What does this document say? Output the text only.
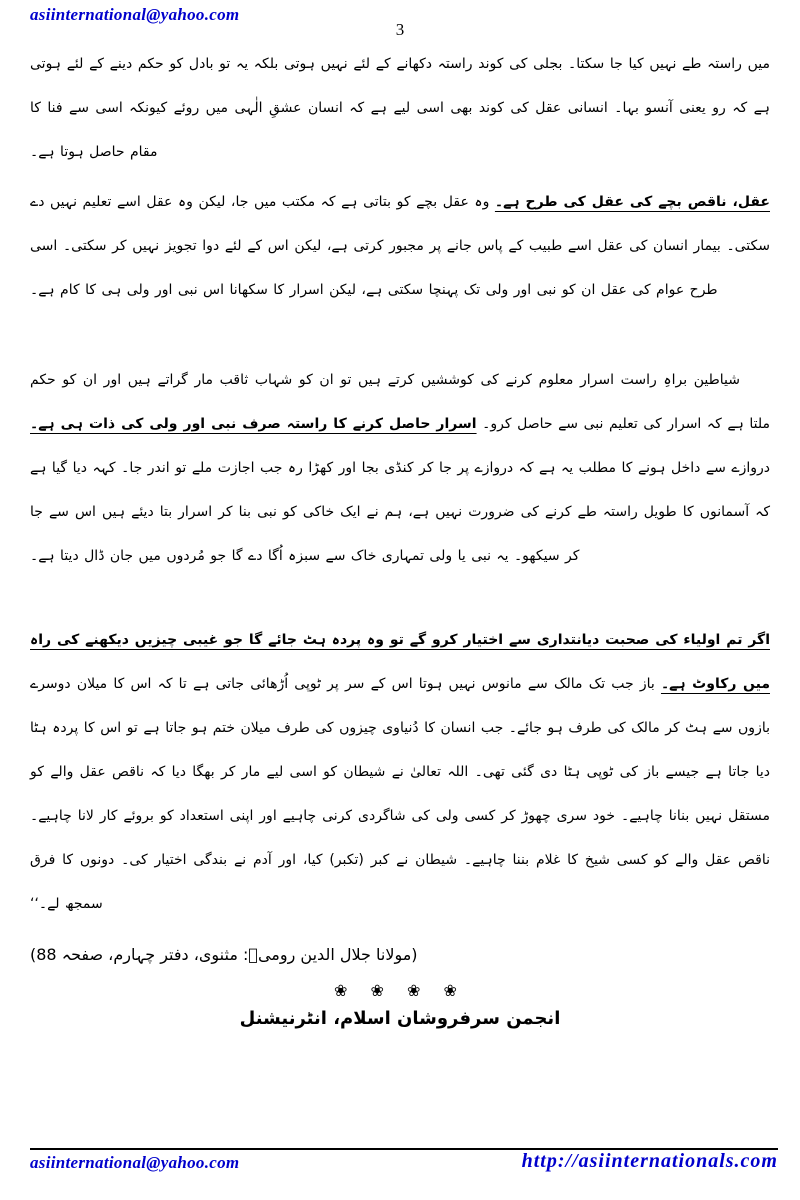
asiinternational@yahoo.com
3

میں راستہ طے نہیں کیا جا سکتا۔ بجلی کی کوند راستہ دکھانے کے لئے نہیں ہوتی بلکہ یہ تو بادل کو حکم دینے کے لئے ہوتی ہے کہ رو یعنی آنسو بہا۔ انسانی عقل کی کوند بھی اسی لیے ہے کہ انسان عشقِ الٰہی میں روئے کیونکہ اسی سے فنا کا مقام حاصل ہوتا ہے۔

عقل، ناقص بچے کی عقل کی طرح ہے۔ وہ عقل بچے کو بتاتی ہے کہ مکتب میں جا، لیکن وہ عقل اسے تعلیم نہیں دے سکتی۔ بیمار انسان کی عقل اسے طبیب کے پاس جانے پر مجبور کرتی ہے، لیکن اس کے لئے دوا تجویز نہیں کر سکتی۔ اسی طرح عوام کی عقل ان کو نبی اور ولی تک پہنچا سکتی ہے، لیکن اسرار کا سکھانا اس نبی اور ولی ہی کا کام ہے۔

شیاطین براہِ راست اسرار معلوم کرنے کی کوششیں کرتے ہیں تو ان کو شہاب ثاقب مار گراتے ہیں اور ان کو حکم ملتا ہے کہ اسرار کی تعلیم نبی سے حاصل کرو۔ اسرار حاصل کرنے کا راستہ صرف نبی اور ولی کی ذات ہی ہے۔ دروازے سے داخل ہونے کا مطلب یہ ہے کہ دروازے پر جا کر کنڈی بجا اور کھڑا رہ جب اجازت ملے تو اندر جا۔ کہہ دیا گیا ہے کہ آسمانوں کا طویل راستہ طے کرنے کی ضرورت نہیں ہے، ہم نے ایک خاکی کو نبی بنا کر اسرار بتا دیئے ہیں اس سے جا کر سیکھو۔ یہ نبی یا ولی تمہاری خاک سے سبزہ اُگا دے گا جو مُردوں میں جان ڈال دیتا ہے۔

اگر تم اولیاء کی صحبت دیانتداری سے اختیار کرو گے تو وہ پردہ ہٹ جائے گا جو غیبی چیزیں دیکھنے کی راہ میں رکاوٹ ہے۔ باز جب تک مالک سے مانوس نہیں ہوتا اس کے سر پر ٹوپی اُڑھائی جاتی ہے تا کہ اس کا میلان دوسرے بازوں سے ہٹ کر مالک کی طرف ہو جائے۔ جب انسان کا دُنیاوی چیزوں کی طرف میلان ختم ہو جاتا ہے تو اس کا پردہ ہٹا دیا جاتا ہے جیسے باز کی ٹوپی ہٹا دی گئی تھی۔ اللہ تعالیٰ نے شیطان کو اسی لیے مار کر بھگا دیا کہ ناقص عقل والے کو مستقل نہیں بنانا چاہیے۔ خود سری چھوڑ کر کسی ولی کی شاگردی کرنی چاہیے اور اپنی استعداد کو بروئے کار لانا چاہیے۔ ناقص عقل والے کو کسی شیخ کا غلام بننا چاہیے۔ شیطان نے کبر (تکبر) کیا، اور آدم نے بندگی اختیار کی۔ دونوں کا فرق سمجھ لے۔‘‘

(مولانا جلال الدین رومیؒ: مثنوی، دفتر چہارم، صفحہ 88)

❀ ❀ ❀ ❀
انجمن سرفروشان اسلام، انٹرنیشنل
asiinternational@yahoo.com	http://asiinternationals.com
